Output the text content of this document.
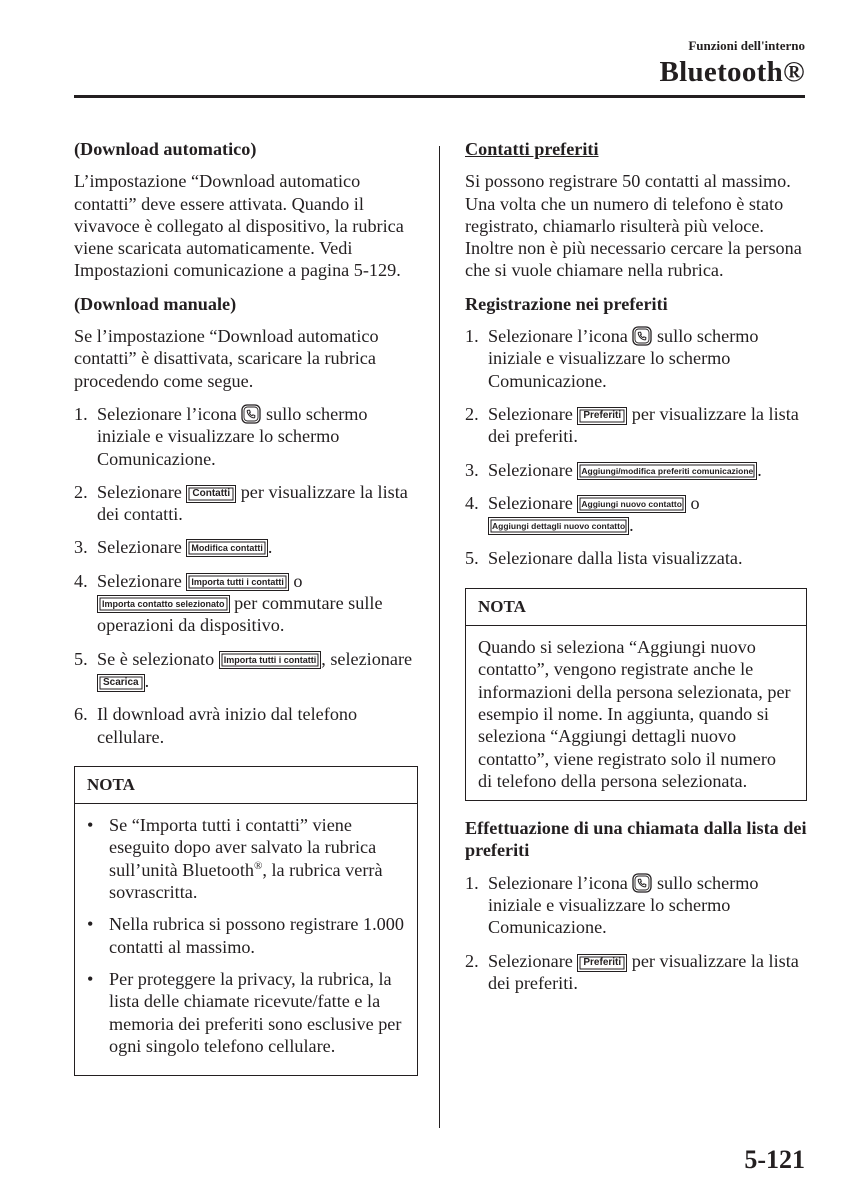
Funzioni dell'interno
Bluetooth®
(Download automatico)

L’impostazione “Download automatico contatti” deve essere attivata. Quando il vivavoce è collegato al dispositivo, la rubrica viene scaricata automaticamente. Vedi Impostazioni comunicazione a pagina 5-129.

(Download manuale)

Se l’impostazione “Download automatico contatti” è disattivata, scaricare la rubrica procedendo come segue.

1. Selezionare l’icona sullo schermo iniziale e visualizzare lo schermo Comunicazione.
2. Selezionare Contatti per visualizzare la lista dei contatti.
3. Selezionare Modifica contatti .
4. Selezionare Importa tutti i contatti o Importa contatto selezionato per commutare sulle operazioni da dispositivo.
5. Se è selezionato Importa tutti i contatti , selezionare Scarica .
6. Il download avrà inizio dal telefono cellulare.
NOTA
• Se “Importa tutti i contatti” viene eseguito dopo aver salvato la rubrica sull’unità Bluetooth®, la rubrica verrà sovrascritta.
• Nella rubrica si possono registrare 1.000 contatti al massimo.
• Per proteggere la privacy, la rubrica, la lista delle chiamate ricevute/fatte e la memoria dei preferiti sono esclusive per ogni singolo telefono cellulare.
Contatti preferiti

Si possono registrare 50 contatti al massimo. Una volta che un numero di telefono è stato registrato, chiamarlo risulterà più veloce. Inoltre non è più necessario cercare la persona che si vuole chiamare nella rubrica.

Registrazione nei preferiti
1. Selezionare l’icona sullo schermo iniziale e visualizzare lo schermo Comunicazione.
2. Selezionare Preferiti per visualizzare la lista dei preferiti.
3. Selezionare Aggiungi/modifica preferiti comunicazione .
4. Selezionare Aggiungi nuovo contatto o Aggiungi dettagli nuovo contatto .
5. Selezionare dalla lista visualizzata.
NOTA
Quando si seleziona “Aggiungi nuovo contatto”, vengono registrate anche le informazioni della persona selezionata, per esempio il nome. In aggiunta, quando si seleziona “Aggiungi dettagli nuovo contatto”, viene registrato solo il numero di telefono della persona selezionata.
Effettuazione di una chiamata dalla lista dei preferiti
1. Selezionare l’icona sullo schermo iniziale e visualizzare lo schermo Comunicazione.
2. Selezionare Preferiti per visualizzare la lista dei preferiti.
5-121
